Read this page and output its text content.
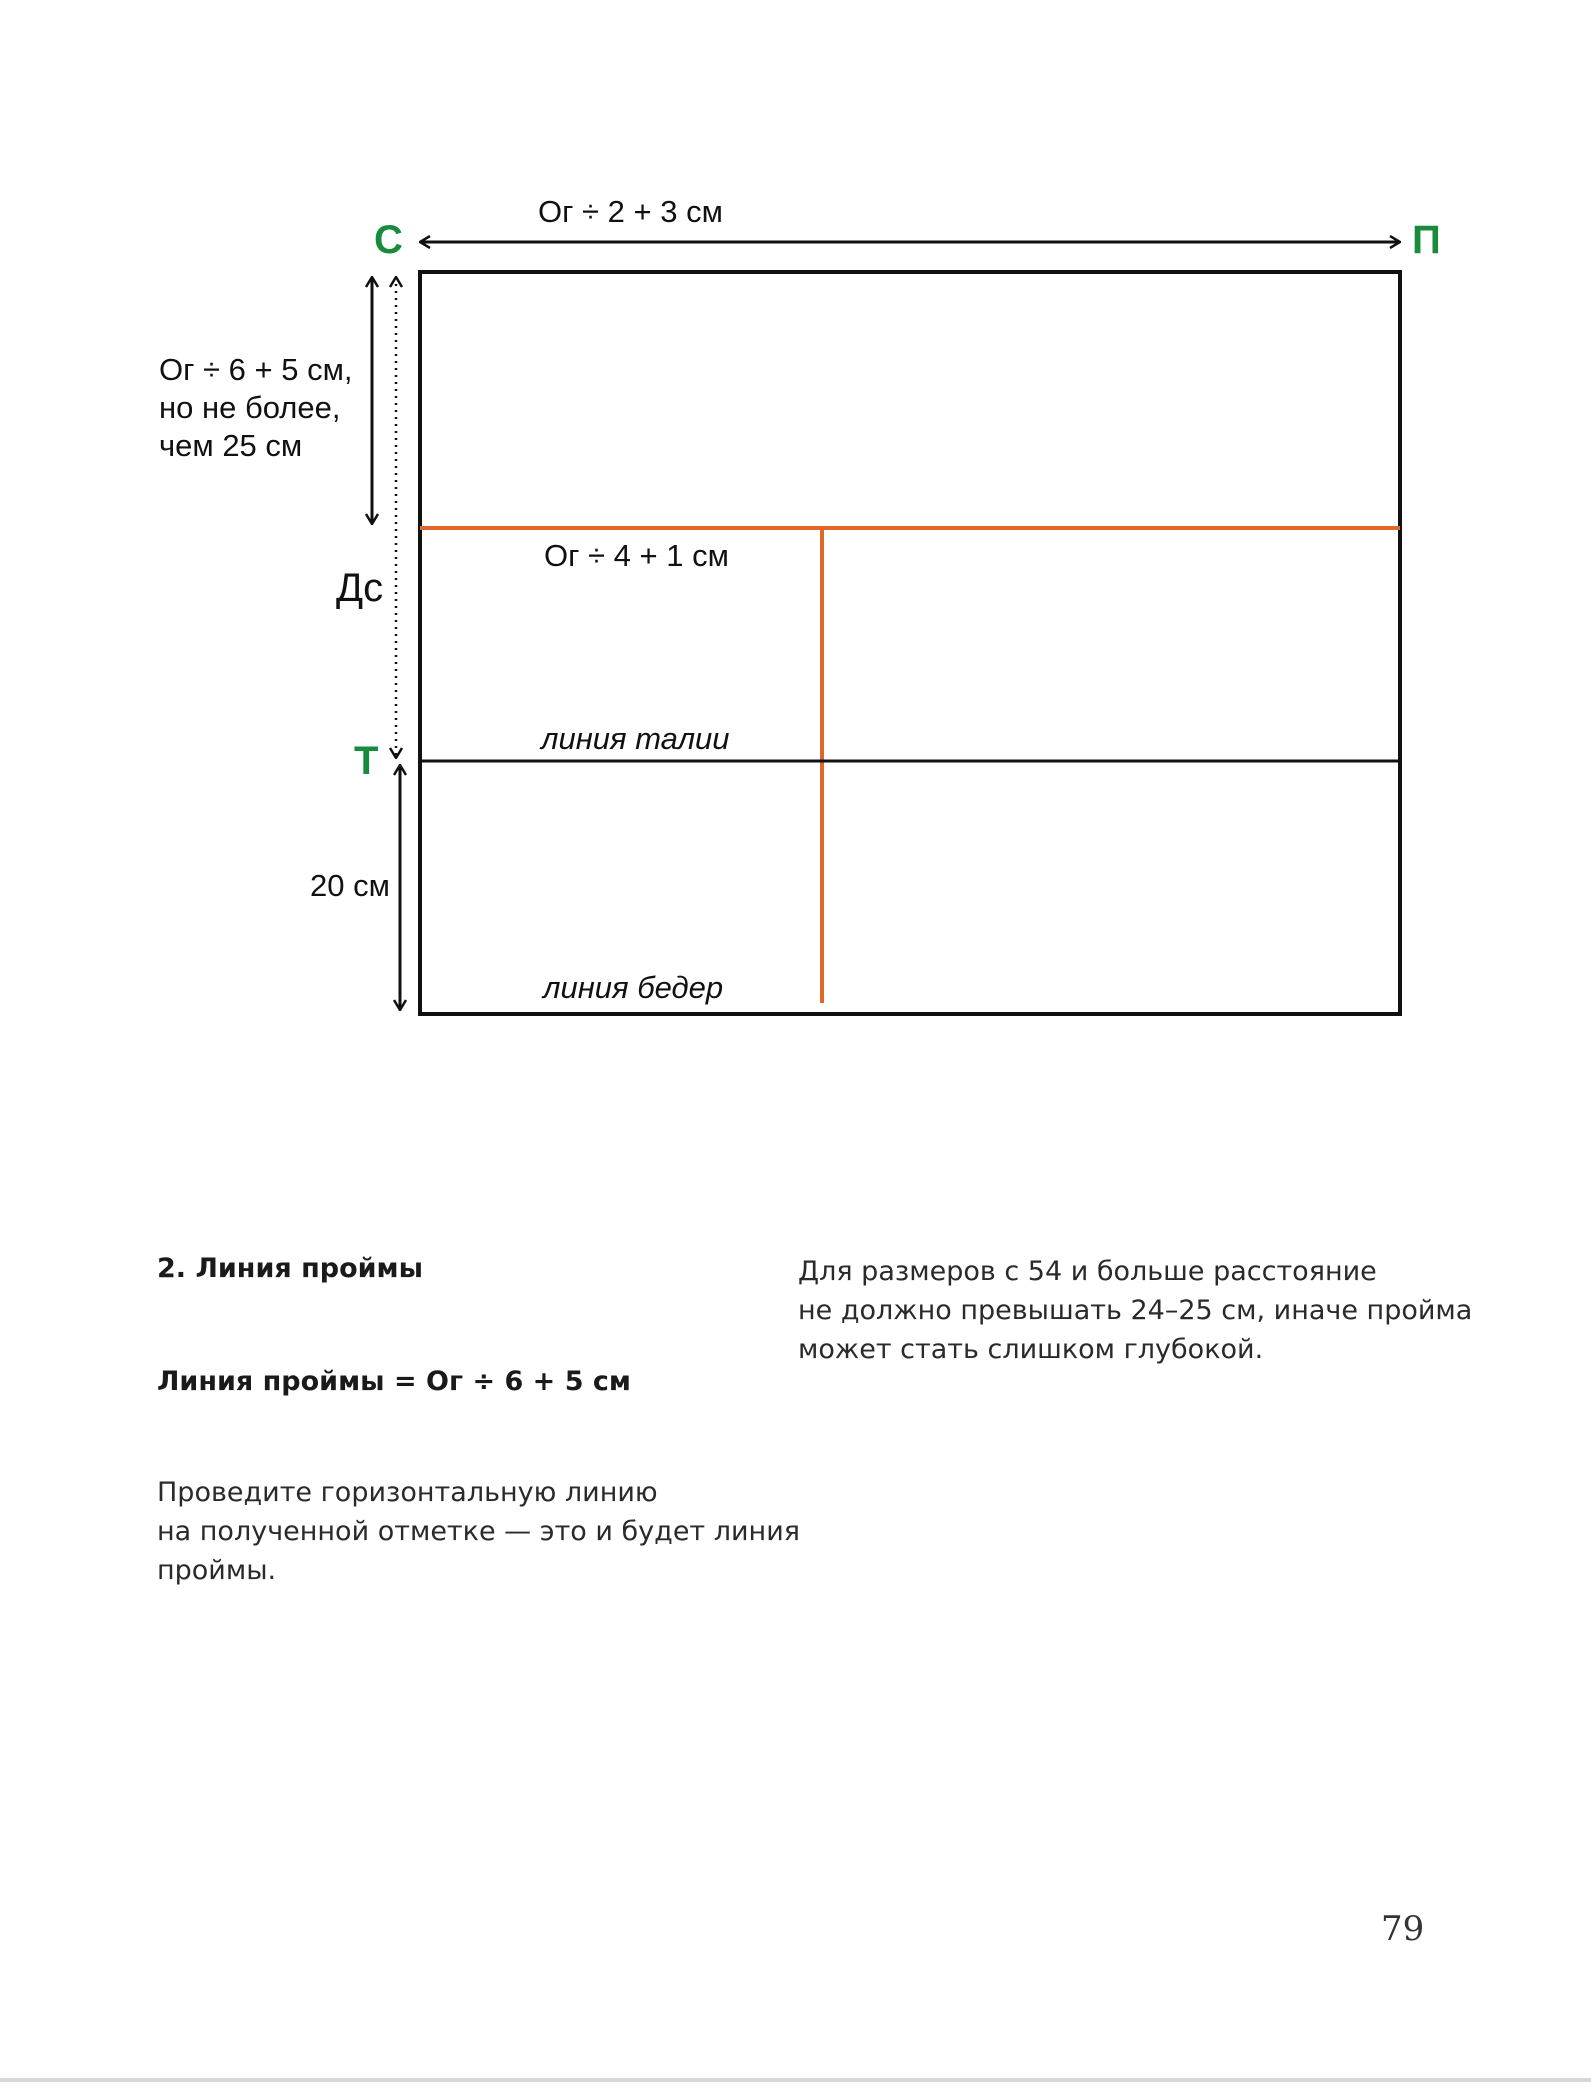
С	П
Т
Ог ÷ 2 + 3 см
Ог ÷ 6 + 5 см,
но не более,
чем 25 см
Дс
Ог ÷ 4 + 1 см
20 см
линия талии
линия бедер

2. Линия проймы

Линия проймы = Ог ÷ 6 + 5 см

Проведите горизонтальную линию
на полученной отметке — это и будет линия
проймы.
Для размеров с 54 и больше расстояние
не должно превышать 24–25 см, иначе пройма
может стать слишком глубокой.
79
